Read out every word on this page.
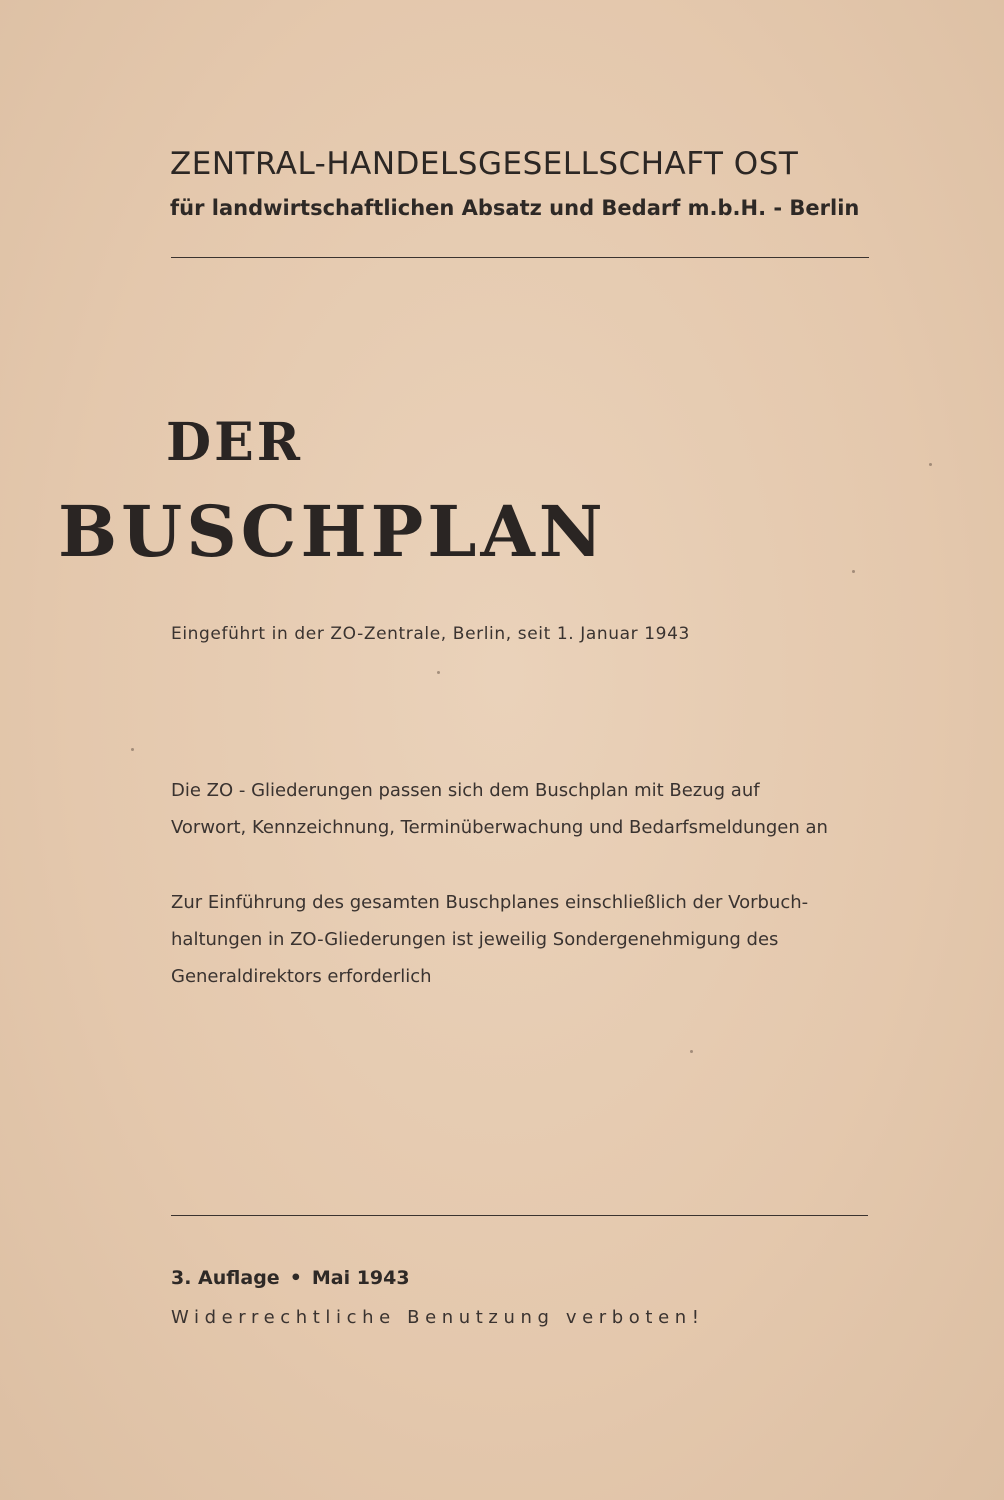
ZENTRAL-HANDELSGESELLSCHAFT OST
für landwirtschaftlichen Absatz und Bedarf m.b.H. - Berlin
DER
BUSCHPLAN
Eingeführt in der ZO-Zentrale, Berlin, seit 1. Januar 1943
Die ZO - Gliederungen passen sich dem Buschplan mit Bezug auf
Vorwort, Kennzeichnung, Terminüberwachung und Bedarfsmeldungen an
Zur Einführung des gesamten Buschplanes einschließlich der Vorbuch-
haltungen in ZO-Gliederungen ist jeweilig Sondergenehmigung des
Generaldirektors erforderlich
3. Auflage • Mai 1943
Widerrechtliche Benutzung verboten!
